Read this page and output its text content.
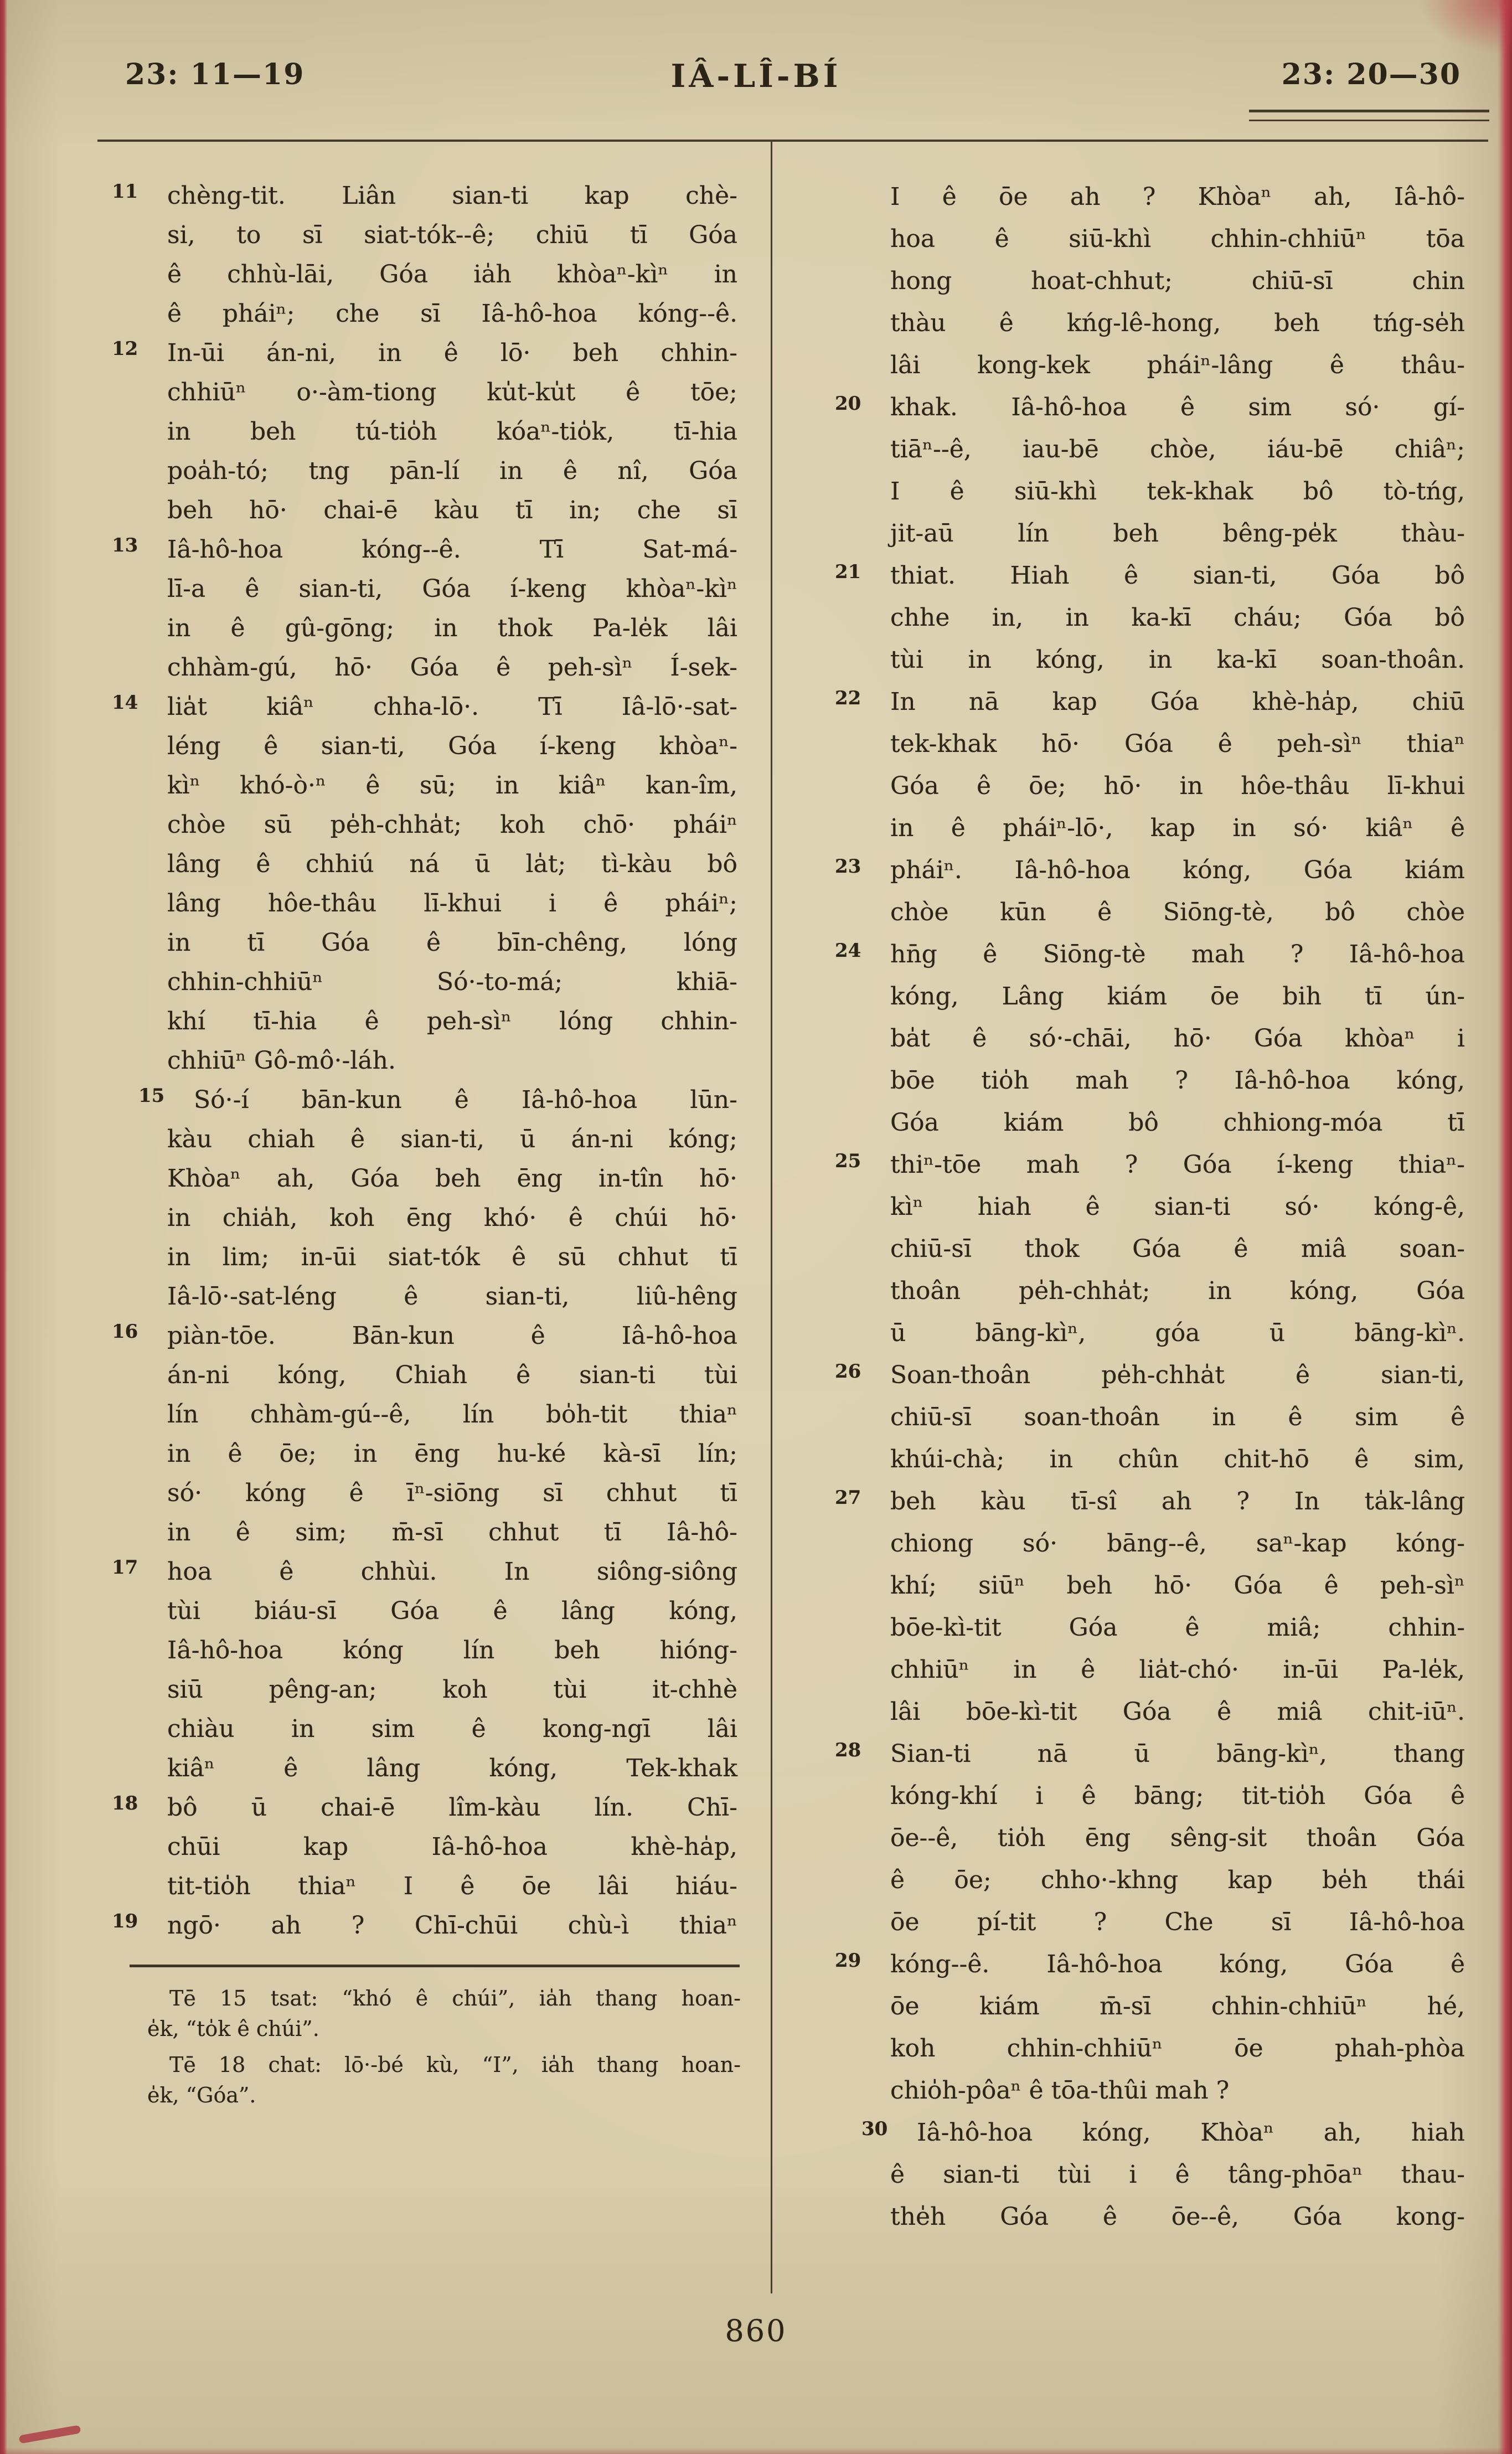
23: 11—19	IÂ-LÎ-BÍ	23: 20—30
11	chèng-tit. Liân sian-ti kap chè-
si, to sī siat-tók--ê; chiū tī Góa
ê chhù-lāi, Góa ia̍h khòaⁿ-kìⁿ in
ê pháiⁿ; che sī Iâ-hô-hoa kóng--ê.
12	In-ūi án-ni, in ê lō· beh chhin-
chhiūⁿ o·-àm-tiong ku̍t-ku̍t ê tōe;
in beh tú-tio̍h kóaⁿ-tio̍k, tī-hia
poa̍h-tó; tng pān-lí in ê nî, Góa
beh hō· chai-ē kàu tī in; che sī
13	Iâ-hô-hoa kóng--ê. Tī Sat-má-
lī-a ê sian-ti, Góa í-keng khòaⁿ-kìⁿ
in ê gû-gōng; in thok Pa-le̍k lâi
chhàm-gú, hō· Góa ê peh-sìⁿ Í-sek-
14	lia̍t kiâⁿ chha-lō·. Tī Iâ-lō·-sat-
léng ê sian-ti, Góa í-keng khòaⁿ-
kìⁿ khó-ò·ⁿ ê sū; in kiâⁿ kan-îm,
chòe sū pe̍h-chha̍t; koh chō· pháiⁿ
lâng ê chhiú ná ū la̍t; tì-kàu bô
lâng hôe-thâu lī-khui i ê pháiⁿ;
in tī Góa ê bīn-chêng, lóng
chhin-chhiūⁿ Só·-to-má; khiā-
khí tī-hia ê peh-sìⁿ lóng chhin-
chhiūⁿ Gô-mô·-láh.
15 Só·-í bān-kun ê Iâ-hô-hoa lūn-
kàu chiah ê sian-ti, ū án-ni kóng;
Khòaⁿ ah, Góa beh ēng in-tîn hō·
in chia̍h, koh ēng khó· ê chúi hō·
in lim; in-ūi siat-tók ê sū chhut tī
Iâ-lō·-sat-léng ê sian-ti, liû-hêng
16	piàn-tōe. Bān-kun ê Iâ-hô-hoa
án-ni kóng, Chiah ê sian-ti tùi
lín chhàm-gú--ê, lín bo̍h-tit thiaⁿ
in ê ōe; in ēng hu-ké kà-sī lín;
só· kóng ê īⁿ-siōng sī chhut tī
in ê sim; m̄-sī chhut tī Iâ-hô-
17	hoa ê chhùi. In siông-siông
tùi biáu-sī Góa ê lâng kóng,
Iâ-hô-hoa kóng lín beh hióng-
siū pêng-an; koh tùi it-chhè
chiàu in sim ê kong-ngī lâi
kiâⁿ ê lâng kóng, Tek-khak
18	bô ū chai-ē lîm-kàu lín. Chī-
chūi kap Iâ-hô-hoa khè-ha̍p,
tit-tio̍h thiaⁿ I ê ōe lâi hiáu-
19	ngō· ah ? Chī-chūi chù-ì thiaⁿ
Tē 15 tsat: “khó ê chúi”, ia̍h thang hoan-
e̍k, “to̍k ê chúi”.
Tē 18 chat: lō·-bé kù, “I”, ia̍h thang hoan-
e̍k, “Góa”.
I ê ōe ah ? Khòaⁿ ah, Iâ-hô-
hoa ê siū-khì chhin-chhiūⁿ tōa
hong hoat-chhut; chiū-sī chin
thàu ê kńg-lê-hong, beh tńg-se̍h
lâi kong-kek pháiⁿ-lâng ê thâu-
20	khak. Iâ-hô-hoa ê sim só· gí-
tiāⁿ--ê, iau-bē chòe, iáu-bē chiâⁿ;
I ê siū-khì tek-khak bô tò-tńg,
jit-aū lín beh bêng-pe̍k thàu-
21	thiat. Hiah ê sian-ti, Góa bô
chhe in, in ka-kī cháu; Góa bô
tùi in kóng, in ka-kī soan-thoân.
22	In nā kap Góa khè-ha̍p, chiū
tek-khak hō· Góa ê peh-sìⁿ thiaⁿ
Góa ê ōe; hō· in hôe-thâu lī-khui
in ê pháiⁿ-lō·, kap in só· kiâⁿ ê
23	pháiⁿ. Iâ-hô-hoa kóng, Góa kiám
chòe kūn ê Siōng-tè, bô chòe
24	hn̄g ê Siōng-tè mah ? Iâ-hô-hoa
kóng, Lâng kiám ōe bih tī ún-
ba̍t ê só·-chāi, hō· Góa khòaⁿ i
bōe tio̍h mah ? Iâ-hô-hoa kóng,
Góa kiám bô chhiong-móa tī
25	thiⁿ-tōe mah ? Góa í-keng thiaⁿ-
kìⁿ hiah ê sian-ti só· kóng-ê,
chiū-sī thok Góa ê miâ soan-
thoân pe̍h-chha̍t; in kóng, Góa
ū bāng-kìⁿ, góa ū bāng-kìⁿ.
26	Soan-thoân pe̍h-chha̍t ê sian-ti,
chiū-sī soan-thoân in ê sim ê
khúi-chà; in chûn chit-hō ê sim,
27	beh kàu tī-sî ah ? In ta̍k-lâng
chiong só· bāng--ê, saⁿ-kap kóng-
khí; siūⁿ beh hō· Góa ê peh-sìⁿ
bōe-kì-tit Góa ê miâ; chhin-
chhiūⁿ in ê lia̍t-chó· in-ūi Pa-le̍k,
lâi bōe-kì-tit Góa ê miâ chit-iūⁿ.
28	Sian-ti nā ū bāng-kìⁿ, thang
kóng-khí i ê bāng; tit-tio̍h Góa ê
ōe--ê, tio̍h ēng sêng-si̍t thoân Góa
ê ōe; chho·-khng kap be̍h thái
ōe pí-tit ? Che sī Iâ-hô-hoa
29	kóng--ê. Iâ-hô-hoa kóng, Góa ê
ōe kiám m̄-sī chhin-chhiūⁿ hé,
koh chhin-chhiūⁿ ōe phah-phòa
chio̍h-pôaⁿ ê tōa-thûi mah ?
30 Iâ-hô-hoa kóng, Khòaⁿ ah, hiah
ê sian-ti tùi i ê tâng-phōaⁿ thau-
the̍h Góa ê ōe--ê, Góa kong-
860
